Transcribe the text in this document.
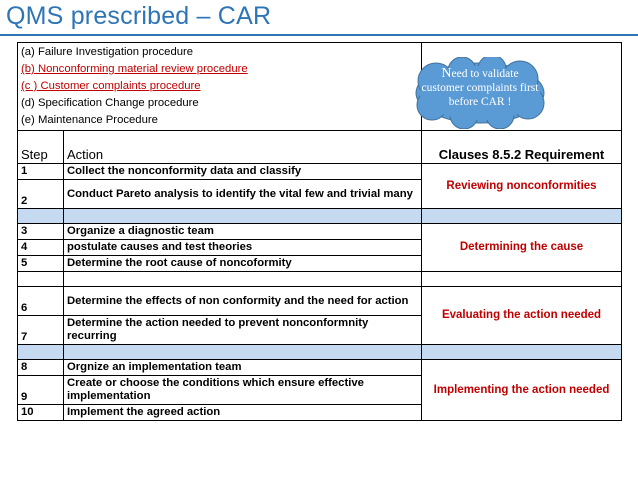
QMS prescribed – CAR
(a) Failure Investigation procedure
(b) Nonconforming material review procedure
(c ) Customer complaints procedure
(d) Specification Change procedure
(e) Maintenance Procedure		

Step	Action	Clauses 8.5.2 Requirement
1	Collect the nonconformity data and classify	Reviewing nonconformities
2	Conduct Pareto analysis to identify the vital few and trivial many	

3	Organize a diagnostic team	Determining the cause
4	postulate causes and test theories	
5	Determine the root cause of noncoformity	

6	Determine the effects of non conformity and the need for action	Evaluating the action needed
7	Determine the action needed to prevent nonconformnity recurring	

8	Orgnize an implementation team	Implementing the action needed
9	Create or choose the conditions which ensure effective implementation	
10	Implement the agreed action	
Need to validate customer complaints first before CAR !
